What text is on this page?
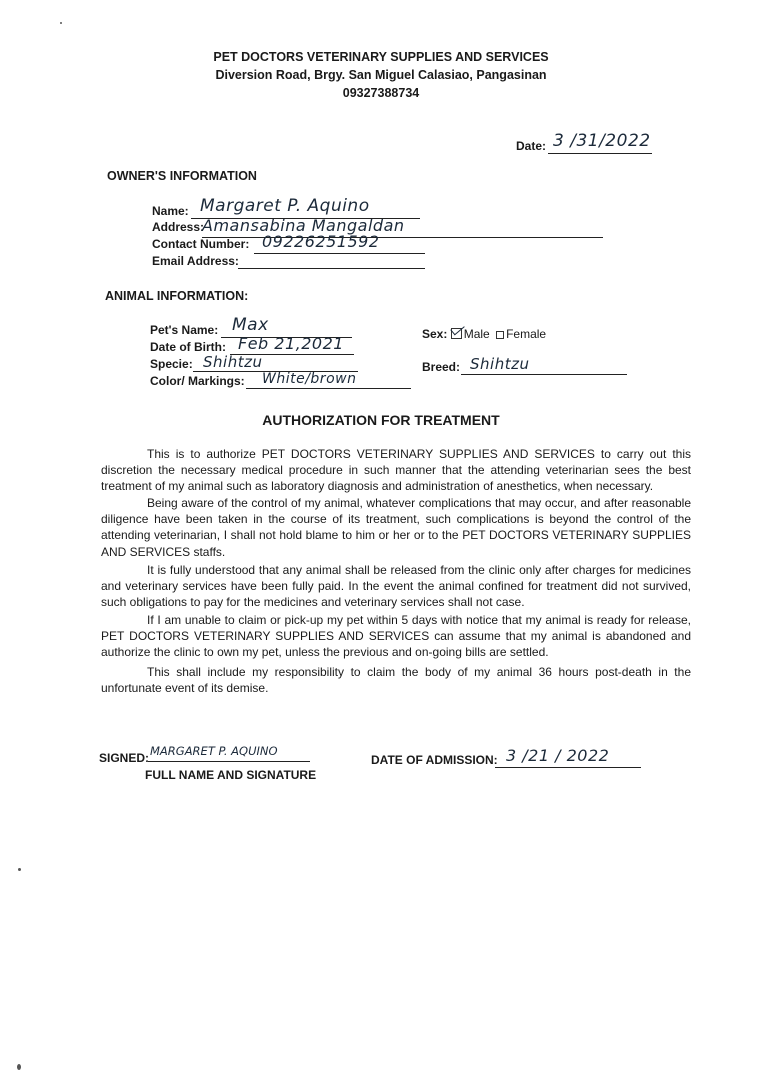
PET DOCTORS VETERINARY SUPPLIES AND SERVICES
Diversion Road, Brgy. San Miguel Calasiao, Pangasinan
09327388734
Date: 3 /31/2022
OWNER'S INFORMATION
Name: Margaret P. Aquino
Address:
Amansabina Mangaldan
Contact Number: 09226251592
Email Address:
ANIMAL INFORMATION:
Pet's Name: Max
Date of Birth: Feb 21,2021
Specie: Shihtzu
Color/ Markings: White/brown
Sex: Male Female
Breed: Shihtzu
AUTHORIZATION FOR TREATMENT

This is to authorize PET DOCTORS VETERINARY SUPPLIES AND SERVICES to carry out this discretion the necessary medical procedure in such manner that the attending veterinarian sees the best treatment of my animal such as laboratory diagnosis and administration of anesthetics, when necessary.

Being aware of the control of my animal, whatever complications that may occur, and after reasonable diligence have been taken in the course of its treatment, such complications is beyond the control of the attending veterinarian, I shall not hold blame to him or her or to the PET DOCTORS VETERINARY SUPPLIES AND SERVICES staffs.

It is fully understood that any animal shall be released from the clinic only after charges for medicines and veterinary services have been fully paid. In the event the animal confined for treatment did not survived, such obligations to pay for the medicines and veterinary services shall not case.

If I am unable to claim or pick-up my pet within 5 days with notice that my animal is ready for release, PET DOCTORS VETERINARY SUPPLIES AND SERVICES can assume that my animal is abandoned and authorize the clinic to own my pet, unless the previous and on-going bills are settled.

This shall include my responsibility to claim the body of my animal 36 hours post-death in the unfortunate event of its demise.

SIGNED: MARGARET P. AQUINO
FULL NAME AND SIGNATURE
DATE OF ADMISSION: 3 /21 / 2022
